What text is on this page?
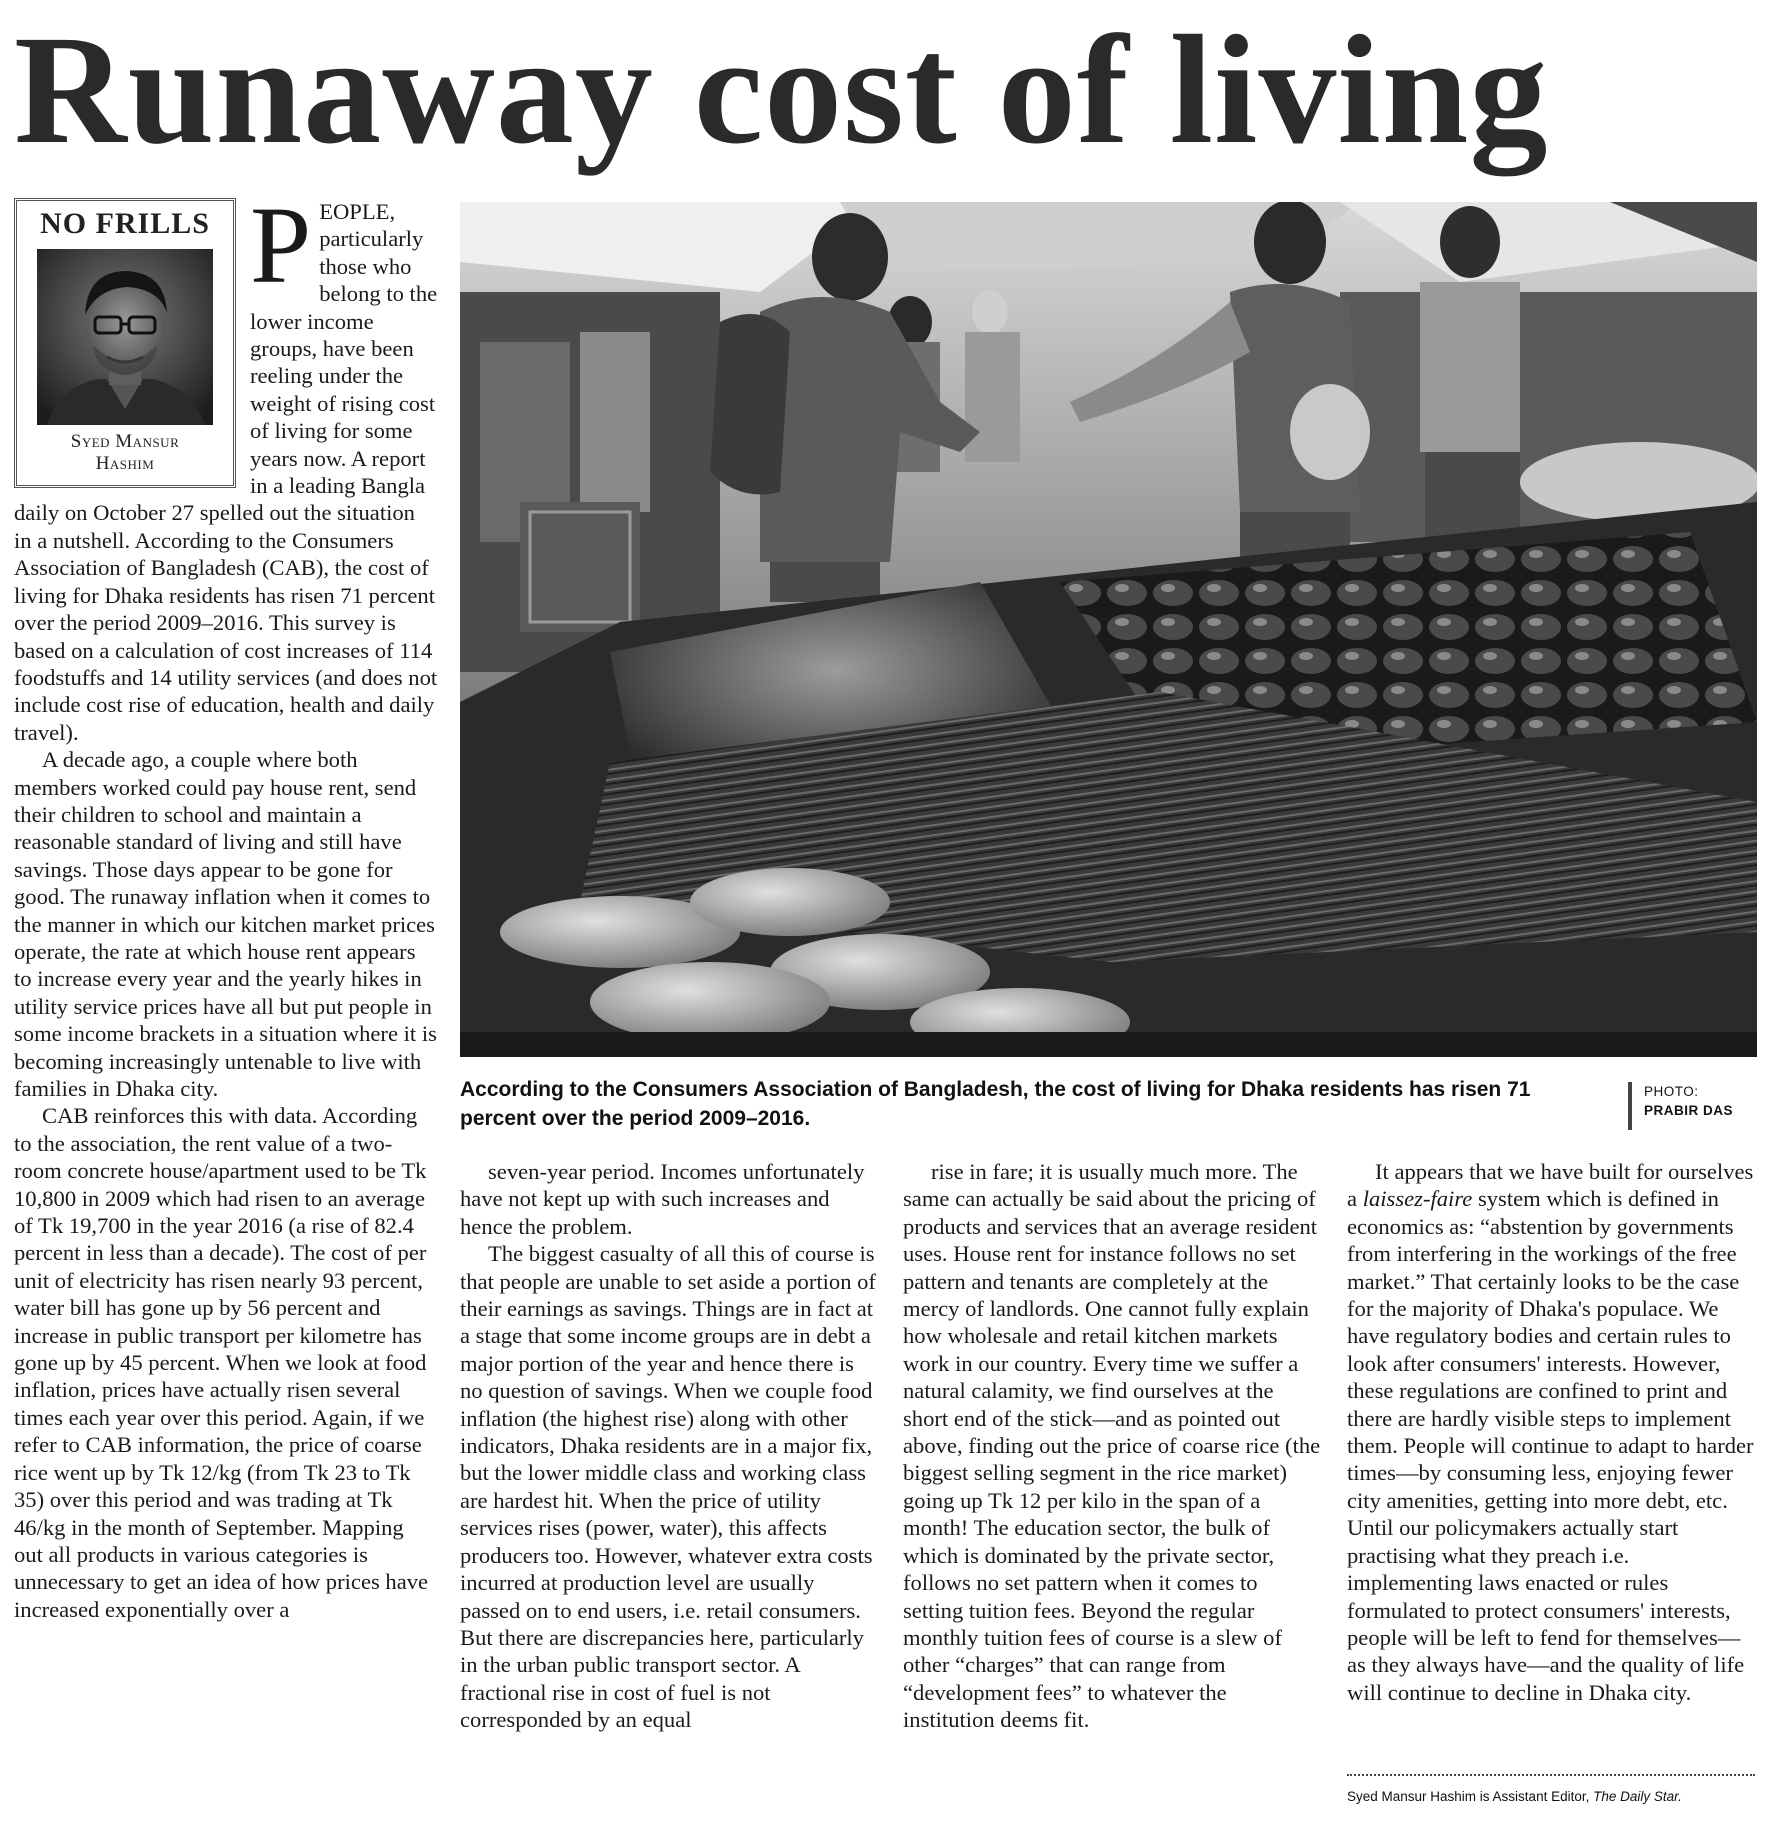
Runaway cost of living
NO FRILLS
Syed Mansur
Hashim

PEOPLE, particularly those who belong to the lower income groups, have been reeling under the weight of rising cost of living for some years now. A report in a leading Bangla daily on October 27 spelled out the situation in a nutshell. According to the Consumers Association of Bangladesh (CAB), the cost of living for Dhaka residents has risen 71 percent over the period 2009–2016. This survey is based on a calculation of cost increases of 114 foodstuffs and 14 utility services (and does not include cost rise of education, health and daily travel).

A decade ago, a couple where both members worked could pay house rent, send their children to school and maintain a reasonable standard of living and still have savings. Those days appear to be gone for good. The runaway inflation when it comes to the manner in which our kitchen market prices operate, the rate at which house rent appears to increase every year and the yearly hikes in utility service prices have all but put people in some income brackets in a situation where it is becoming increasingly untenable to live with families in Dhaka city.

CAB reinforces this with data. According to the association, the rent value of a two-room concrete house/apartment used to be Tk 10,800 in 2009 which had risen to an average of Tk 19,700 in the year 2016 (a rise of 82.4 percent in less than a decade). The cost of per unit of electricity has risen nearly 93 percent, water bill has gone up by 56 percent and increase in public transport per kilometre has gone up by 45 percent. When we look at food inflation, prices have actually risen several times each year over this period. Again, if we refer to CAB information, the price of coarse rice went up by Tk 12/kg (from Tk 23 to Tk 35) over this period and was trading at Tk 46/kg in the month of September. Mapping out all products in various categories is unnecessary to get an idea of how prices have increased exponentially over a

According to the Consumers Association of Bangladesh, the cost of living for Dhaka residents has risen 71 percent over the period 2009–2016.
PHOTO:
PRABIR DAS

seven-year period. Incomes unfortunately have not kept up with such increases and hence the problem.

The biggest casualty of all this of course is that people are unable to set aside a portion of their earnings as savings. Things are in fact at a stage that some income groups are in debt a major portion of the year and hence there is no question of savings. When we couple food inflation (the highest rise) along with other indicators, Dhaka residents are in a major fix, but the lower middle class and working class are hardest hit. When the price of utility services rises (power, water), this affects producers too. However, whatever extra costs incurred at production level are usually passed on to end users, i.e. retail consumers. But there are discrepancies here, particularly in the urban public transport sector. A fractional rise in cost of fuel is not corresponded by an equal

rise in fare; it is usually much more. The same can actually be said about the pricing of products and services that an average resident uses. House rent for instance follows no set pattern and tenants are completely at the mercy of landlords. One cannot fully explain how wholesale and retail kitchen markets work in our country. Every time we suffer a natural calamity, we find ourselves at the short end of the stick—and as pointed out above, finding out the price of coarse rice (the biggest selling segment in the rice market) going up Tk 12 per kilo in the span of a month! The education sector, the bulk of which is dominated by the private sector, follows no set pattern when it comes to setting tuition fees. Beyond the regular monthly tuition fees of course is a slew of other “charges” that can range from “development fees” to whatever the institution deems fit.

It appears that we have built for ourselves a laissez-faire system which is defined in economics as: “abstention by governments from interfering in the workings of the free market.” That certainly looks to be the case for the majority of Dhaka's populace. We have regulatory bodies and certain rules to look after consumers' interests. However, these regulations are confined to print and there are hardly visible steps to implement them. People will continue to adapt to harder times—by consuming less, enjoying fewer city amenities, getting into more debt, etc. Until our policymakers actually start practising what they preach i.e. implementing laws enacted or rules formulated to protect consumers' interests, people will be left to fend for themselves—as they always have—and the quality of life will continue to decline in Dhaka city.

Syed Mansur Hashim is Assistant Editor, The Daily Star.
